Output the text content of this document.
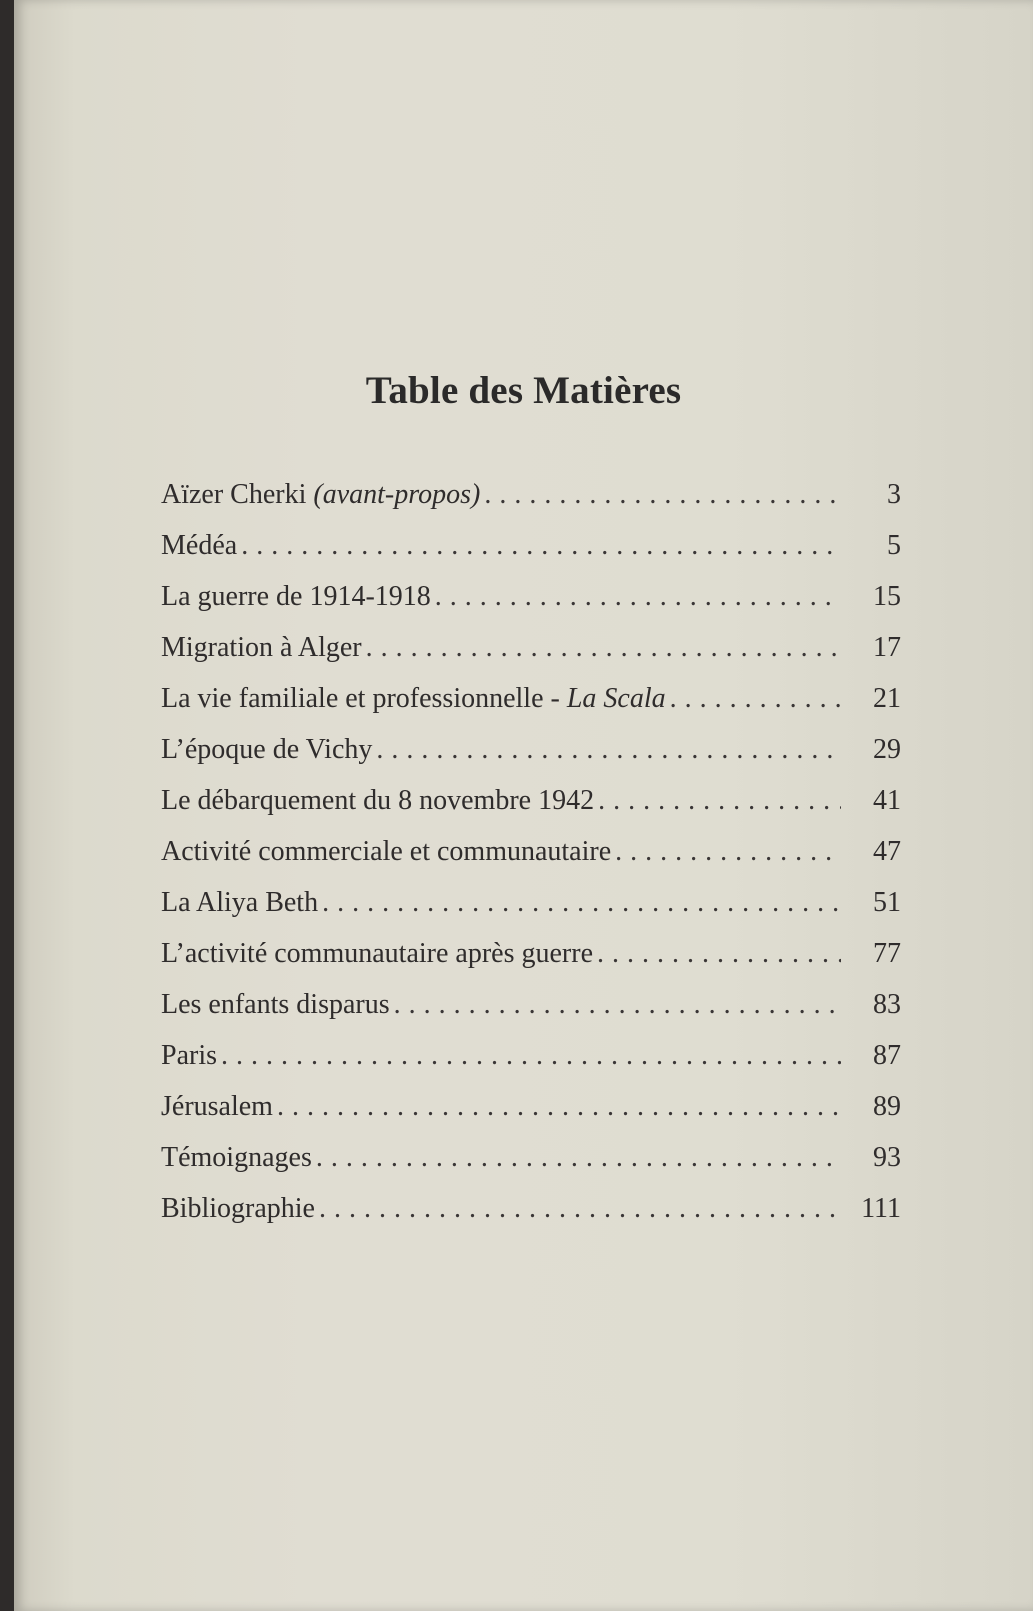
Table des Matières
Aïzer Cherki (avant-propos) . . .	3
Médéa . . .	5
La guerre de 1914-1918 . . .	15
Migration à Alger . . .	17
La vie familiale et professionnelle - La Scala . . .	21
L’époque de Vichy . . .	29
Le débarquement du 8 novembre 1942 . . .	41
Activité commerciale et communautaire . . .	47
La Aliya Beth . . .	51
L’activité communautaire après guerre . . .	77
Les enfants disparus . . .	83
Paris . . .	87
Jérusalem . . .	89
Témoignages . . .	93
Bibliographie . . .	111
